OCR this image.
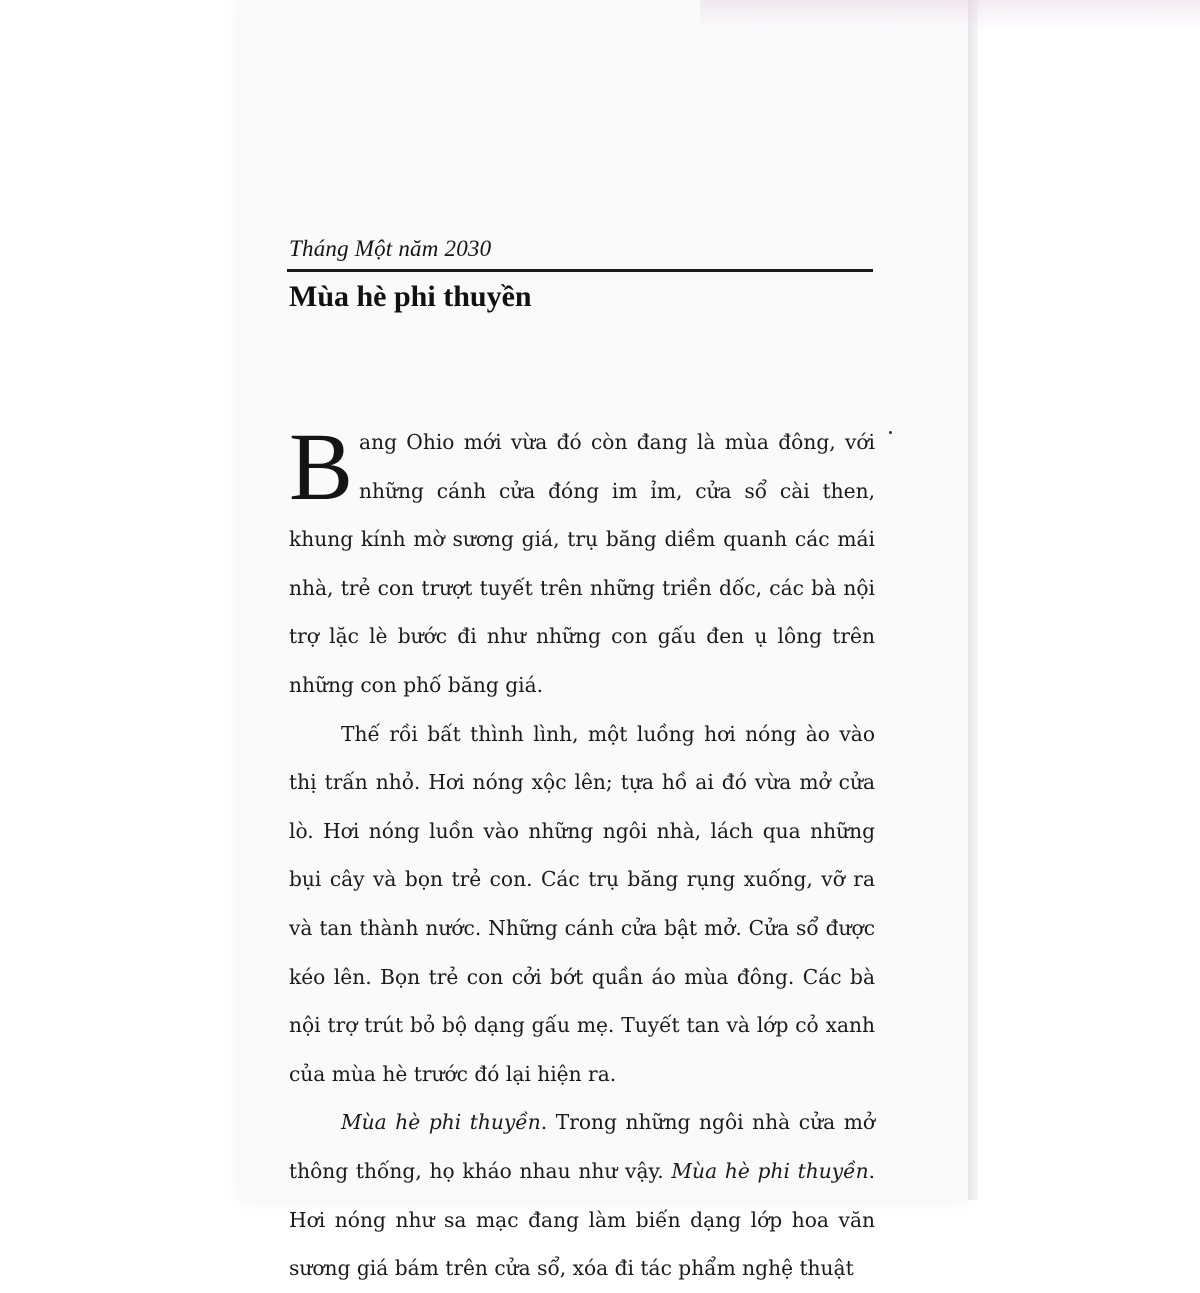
Tháng Một năm 2030
Mùa hè phi thuyền

Bang Ohio mới vừa đó còn đang là mùa đông, với những cánh cửa đóng im ỉm, cửa sổ cài then, khung kính mờ sương giá, trụ băng diềm quanh các mái nhà, trẻ con trượt tuyết trên những triền dốc, các bà nội trợ lặc lè bước đi như những con gấu đen ụ lông trên những con phố băng giá.

Thế rồi bất thình lình, một luồng hơi nóng ào vào thị trấn nhỏ. Hơi nóng xộc lên; tựa hồ ai đó vừa mở cửa lò. Hơi nóng luồn vào những ngôi nhà, lách qua những bụi cây và bọn trẻ con. Các trụ băng rụng xuống, vỡ ra và tan thành nước. Những cánh cửa bật mở. Cửa sổ được kéo lên. Bọn trẻ con cởi bớt quần áo mùa đông. Các bà nội trợ trút bỏ bộ dạng gấu mẹ. Tuyết tan và lớp cỏ xanh của mùa hè trước đó lại hiện ra.

Mùa hè phi thuyền. Trong những ngôi nhà cửa mở thông thống, họ kháo nhau như vậy. Mùa hè phi thuyền. Hơi nóng như sa mạc đang làm biến dạng lớp hoa văn sương giá bám trên cửa sổ, xóa đi tác phẩm nghệ thuật
